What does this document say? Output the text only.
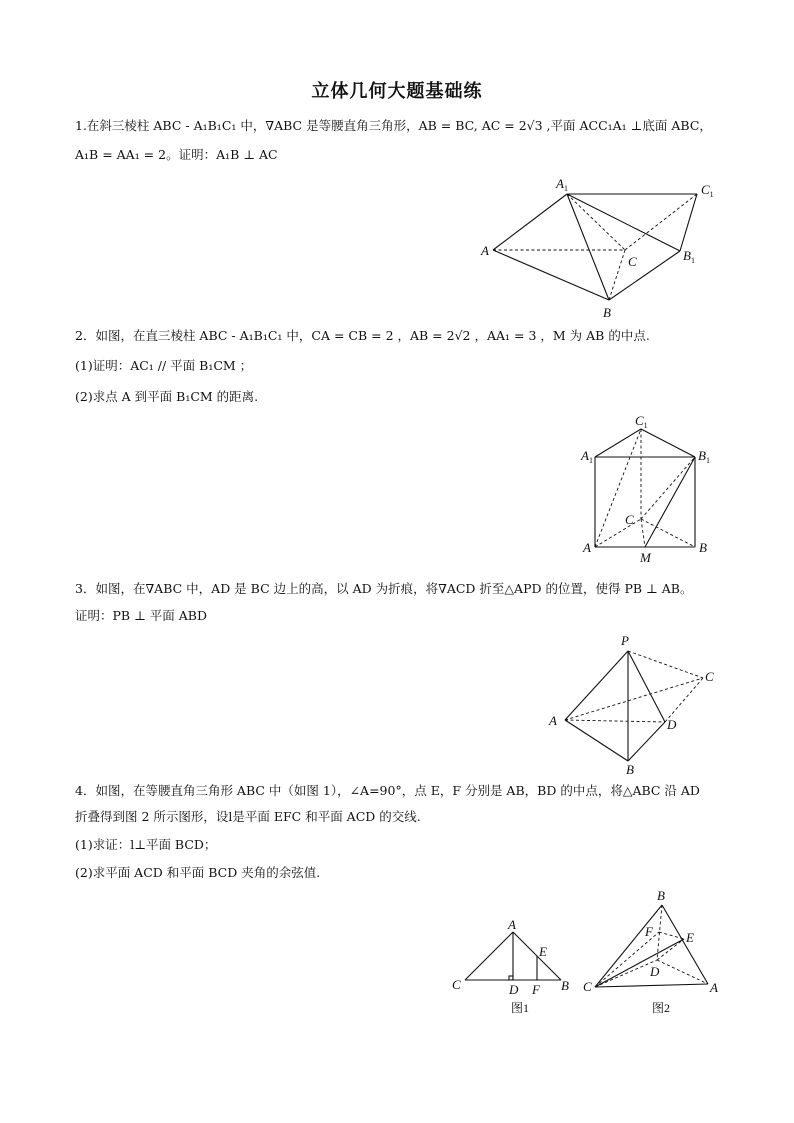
立体几何大题基础练
1.在斜三棱柱 ABC - A₁B₁C₁ 中，∇ABC 是等腰直角三角形，AB = BC, AC = 2√3 ,平面 ACC₁A₁ ⊥底面 ABC，
A₁B = AA₁ = 2。证明：A₁B ⊥ AC
A
$A_1$	$C_1$
$B_1$
C
B
2．如图，在直三棱柱 ABC - A₁B₁C₁ 中，CA = CB = 2 ，AB = 2√2 ，AA₁ = 3 ，M 为 AB 的中点.
(1)证明：AC₁ // 平面 B₁CM ；
(2)求点 A 到平面 B₁CM 的距离.
$C_1$
$A_1$	$B_1$
C
A
M
B
3．如图，在∇ABC 中，AD 是 BC 边上的高，以 AD 为折痕，将∇ACD 折至△APD 的位置，使得 PB ⊥ AB。
证明：PB ⊥ 平面 ABD
P
C
A	D
B
4．如图，在等腰直角三角形 ABC 中（如图 1），∠A=90°，点 E，F 分别是 AB，BD 的中点，将△ABC 沿 AD
折叠得到图 2 所示图形，设l是平面 EFC 和平面 ACD 的交线.
(1)求证：l⊥平面 BCD；
(2)求平面 ACD 和平面 BCD 夹角的余弦值.
A
E
C	D F B
图1
B
F	E
D
C	A
图2
